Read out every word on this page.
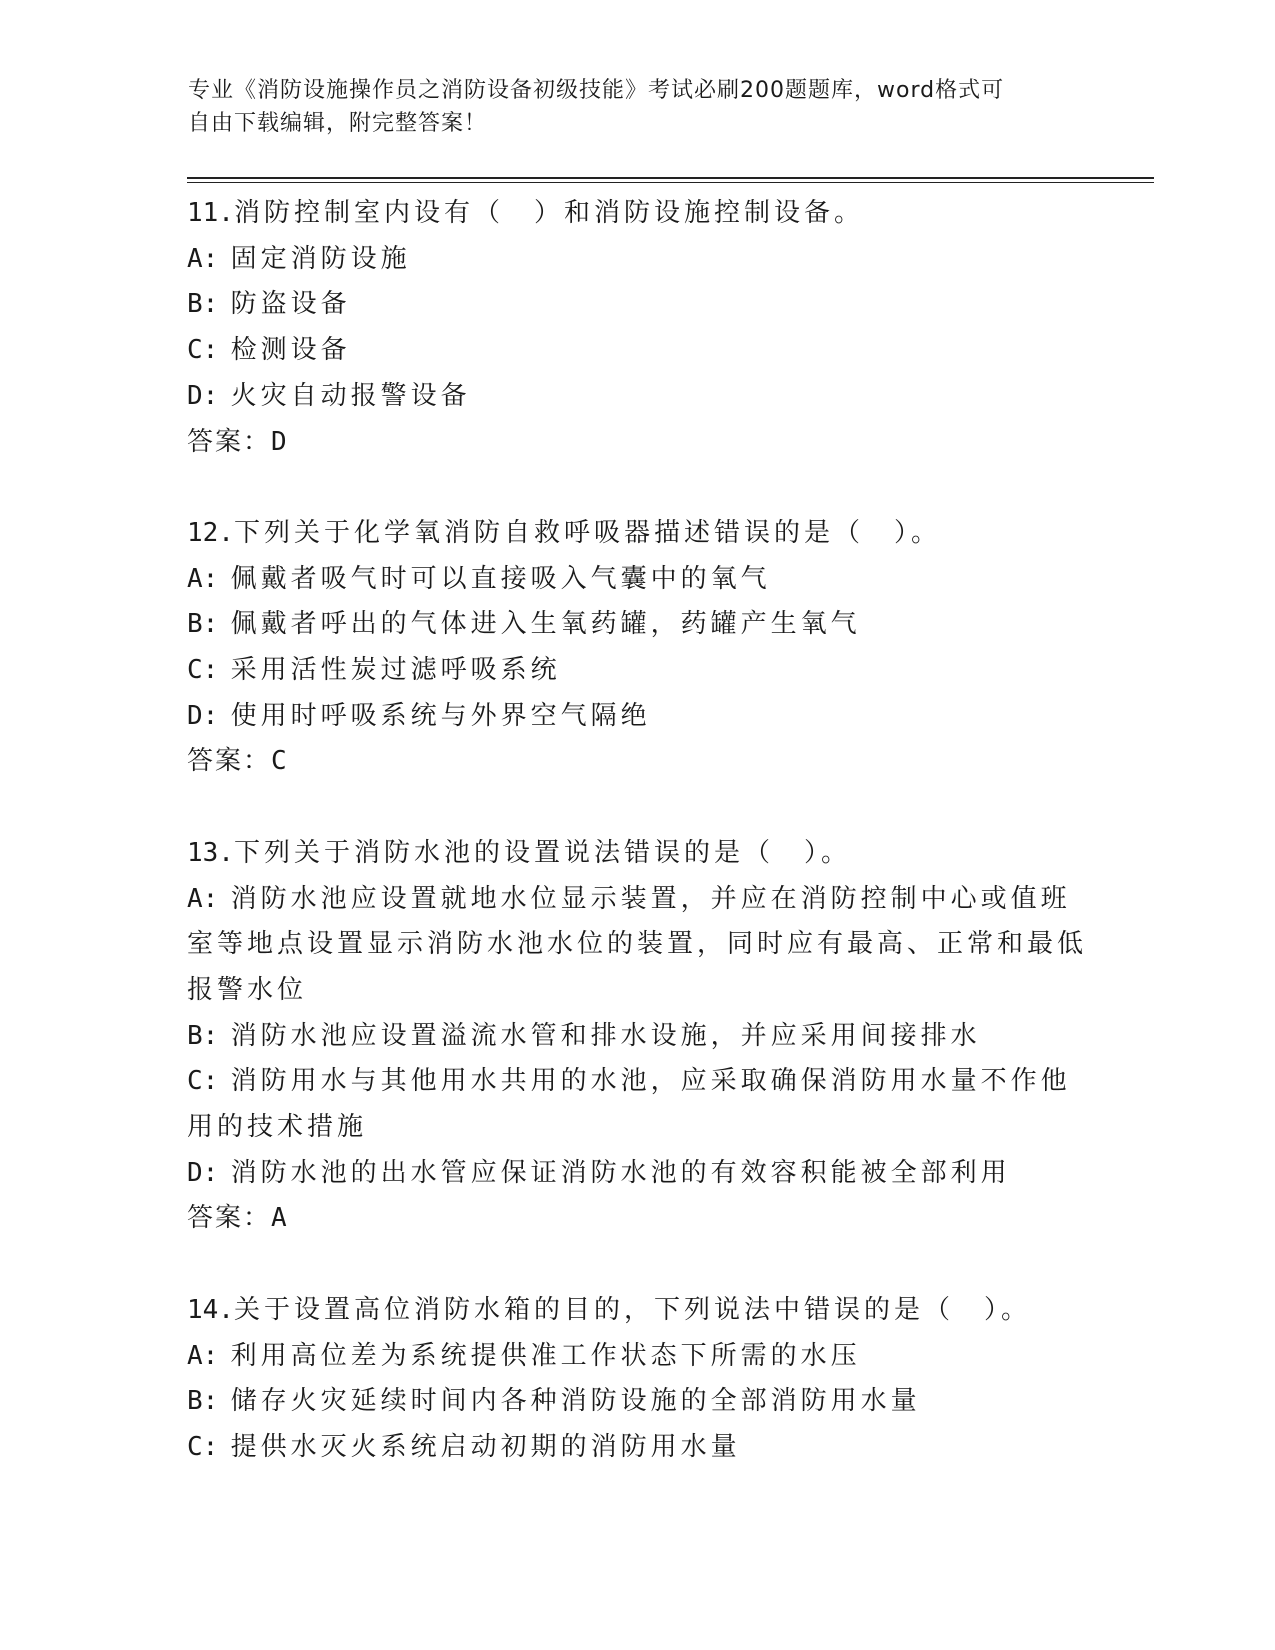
专业《消防设施操作员之消防设备初级技能》考试必刷200题题库，word格式可
自由下载编辑，附完整答案！
11.消防控制室内设有（　）和消防设施控制设备。
A: 固定消防设施
B: 防盗设备
C: 检测设备
D: 火灾自动报警设备
答案：D
12.下列关于化学氧消防自救呼吸器描述错误的是（　）。
A: 佩戴者吸气时可以直接吸入气囊中的氧气
B: 佩戴者呼出的气体进入生氧药罐，药罐产生氧气
C: 采用活性炭过滤呼吸系统
D: 使用时呼吸系统与外界空气隔绝
答案：C
13.下列关于消防水池的设置说法错误的是（　）。
A: 消防水池应设置就地水位显示装置，并应在消防控制中心或值班室等地点设置显示消防水池水位的装置，同时应有最高、正常和最低报警水位
B: 消防水池应设置溢流水管和排水设施，并应采用间接排水
C: 消防用水与其他用水共用的水池，应采取确保消防用水量不作他用的技术措施
D: 消防水池的出水管应保证消防水池的有效容积能被全部利用
答案：A
14.关于设置高位消防水箱的目的，下列说法中错误的是（　）。
A: 利用高位差为系统提供准工作状态下所需的水压
B: 储存火灾延续时间内各种消防设施的全部消防用水量
C: 提供水灭火系统启动初期的消防用水量
